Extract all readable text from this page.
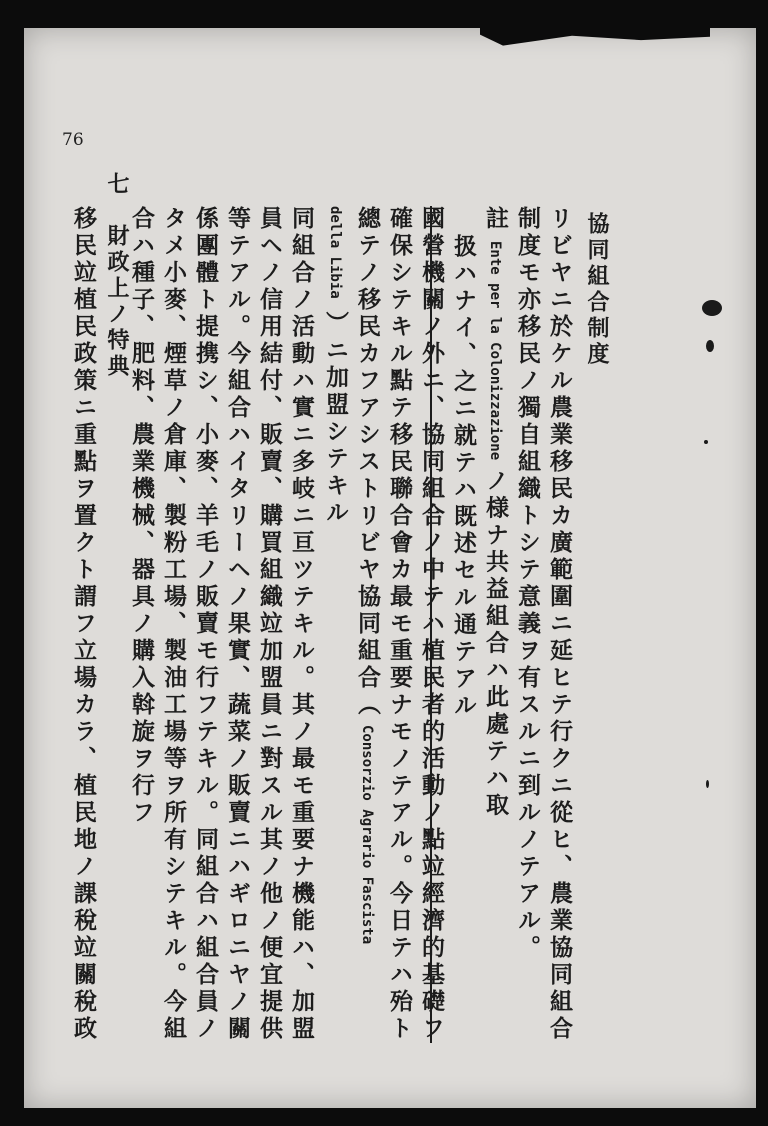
76
協同組合制度
リビヤニ於ケル農業移民カ廣範圍ニ延ヒテ行クニ從ヒ、農業協同組合
制度モ亦移民ノ獨自組織トシテ意義ヲ有スルニ到ルノテアル。
註Ente per la Colonizzazioneノ様ナ共益組合ハ此處テハ取
扱ハナイ、之ニ就テハ既述セル通テアル
國營機關ノ外ニ、協同組合ノ中テハ植民者的活動ノ點竝經濟的基礎フ
確保シテキル點テ移民聯合會カ最モ重要ナモノテアル。今日テハ殆ト
總テノ移民カフアシストリビヤ協同組合（Consorzio Agrario Fascista
della Libia）ニ加盟シテキル
同組合ノ活動ハ實ニ多岐ニ亘ツテキル。其ノ最モ重要ナ機能ハ、加盟
員ヘノ信用結付、販賣、購買組織竝加盟員ニ對スル其ノ他ノ便宜提供
等テアル。今組合ハイタリーヘノ果實、蔬菜ノ販賣ニハギロニヤノ關
係團體ト提携シ、小麥、羊毛ノ販賣モ行フテキル。同組合ハ組合員ノ
タメ小麥、煙草ノ倉庫、製粉工場、製油工場等ヲ所有シテキル。今組
合ハ種子、肥料、農業機械、器具ノ購入斡旋ヲ行フ
七　財政上ノ特典
移民竝植民政策ニ重點ヲ置クト謂フ立場カラ、植民地ノ課稅竝關稅政
